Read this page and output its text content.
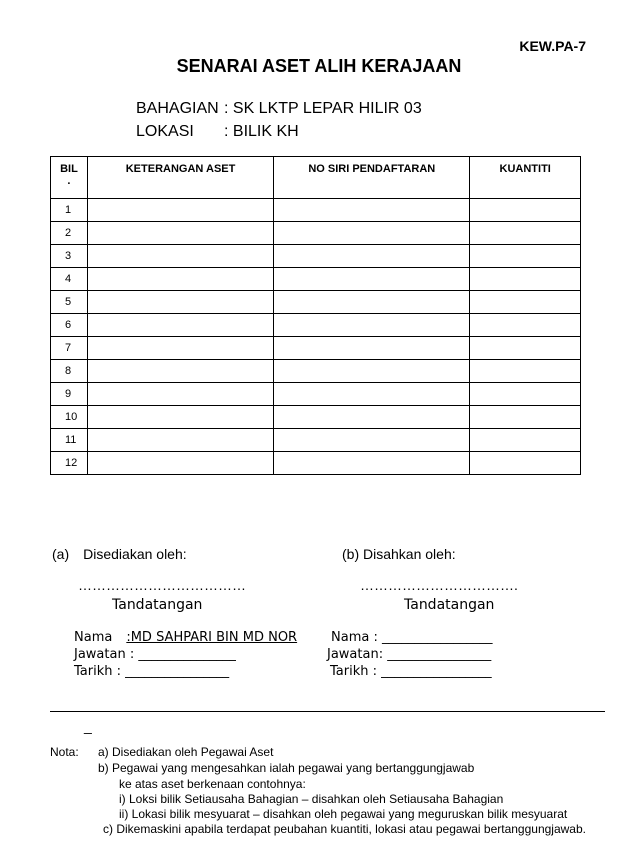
KEW.PA-7
SENARAI ASET ALIH KERAJAAN
BAHAGIAN : SK LKTP LEPAR HILIR 03
LOKASI : BILIK KH
BIL
.	KETERANGAN ASET	NO SIRI PENDAFTARAN	KUANTITI
1			
2			
3			
4			
5			
6			
7			
8			
9			
10			
11			
12			
(a) Disediakan oleh:	(b) Disahkan oleh:
………………………………	…………………………….
Tandatangan	Tandatangan
Nama :MD SAHPARI BIN MD NOR
Jawatan : _______________
Tarikh : ________________
Nama : _________________
Jawatan: ________________
Tarikh : _________________
_
Nota: a) Disediakan oleh Pegawai Aset
b) Pegawai yang mengesahkan ialah pegawai yang bertanggungjawab
ke atas aset berkenaan contohnya:
i) Loksi bilik Setiausaha Bahagian – disahkan oleh Setiausaha Bahagian
ii) Lokasi bilik mesyuarat – disahkan oleh pegawai yang meguruskan bilik mesyuarat
c) Dikemaskini apabila terdapat peubahan kuantiti, lokasi atau pegawai bertanggungjawab.
